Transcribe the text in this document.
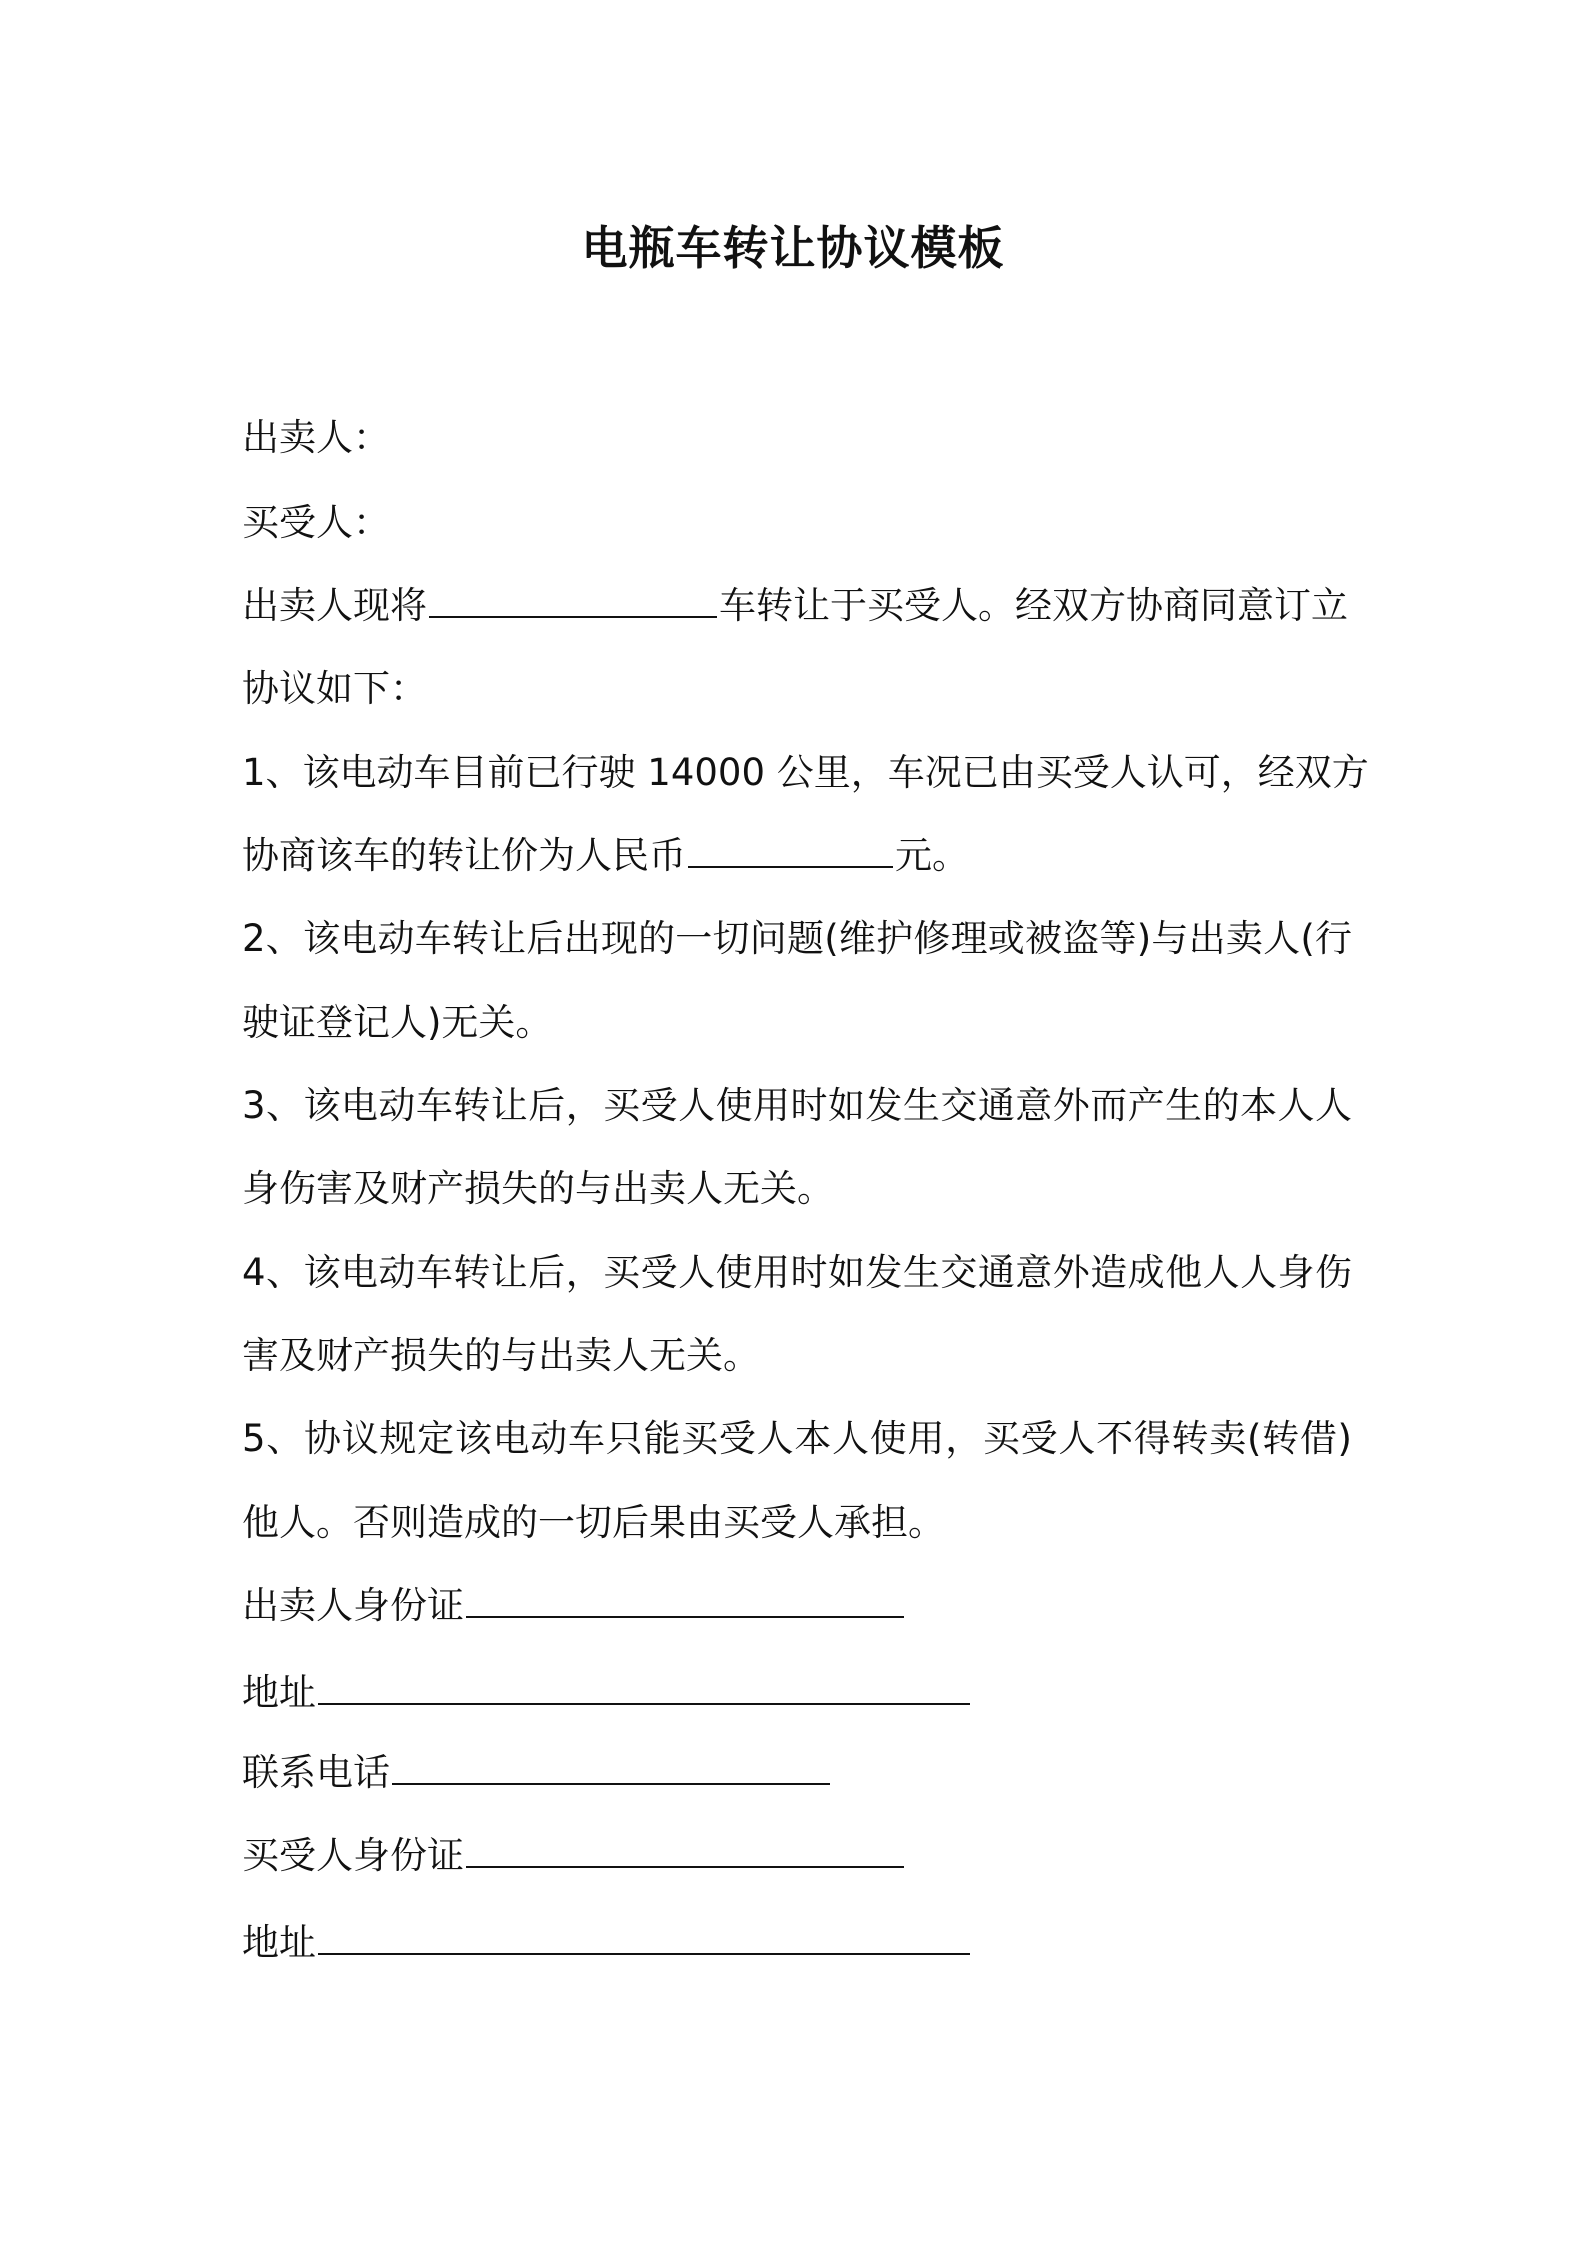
电瓶车转让协议模板
出卖人：
买受人：
出卖人现将	车转让于买受人。经双方协商同意订立
协议如下：
1、该电动车目前已行驶 14000 公里，车况已由买受人认可，经双方
协商该车的转让价为人民币	元。
2、该电动车转让后出现的一切问题(维护修理或被盗等)与出卖人(行
驶证登记人)无关。
3、该电动车转让后，买受人使用时如发生交通意外而产生的本人人
身伤害及财产损失的与出卖人无关。
4、该电动车转让后，买受人使用时如发生交通意外造成他人人身伤
害及财产损失的与出卖人无关。
5、协议规定该电动车只能买受人本人使用，买受人不得转卖(转借)
他人。否则造成的一切后果由买受人承担。
出卖人身份证
地址
联系电话
买受人身份证
地址
